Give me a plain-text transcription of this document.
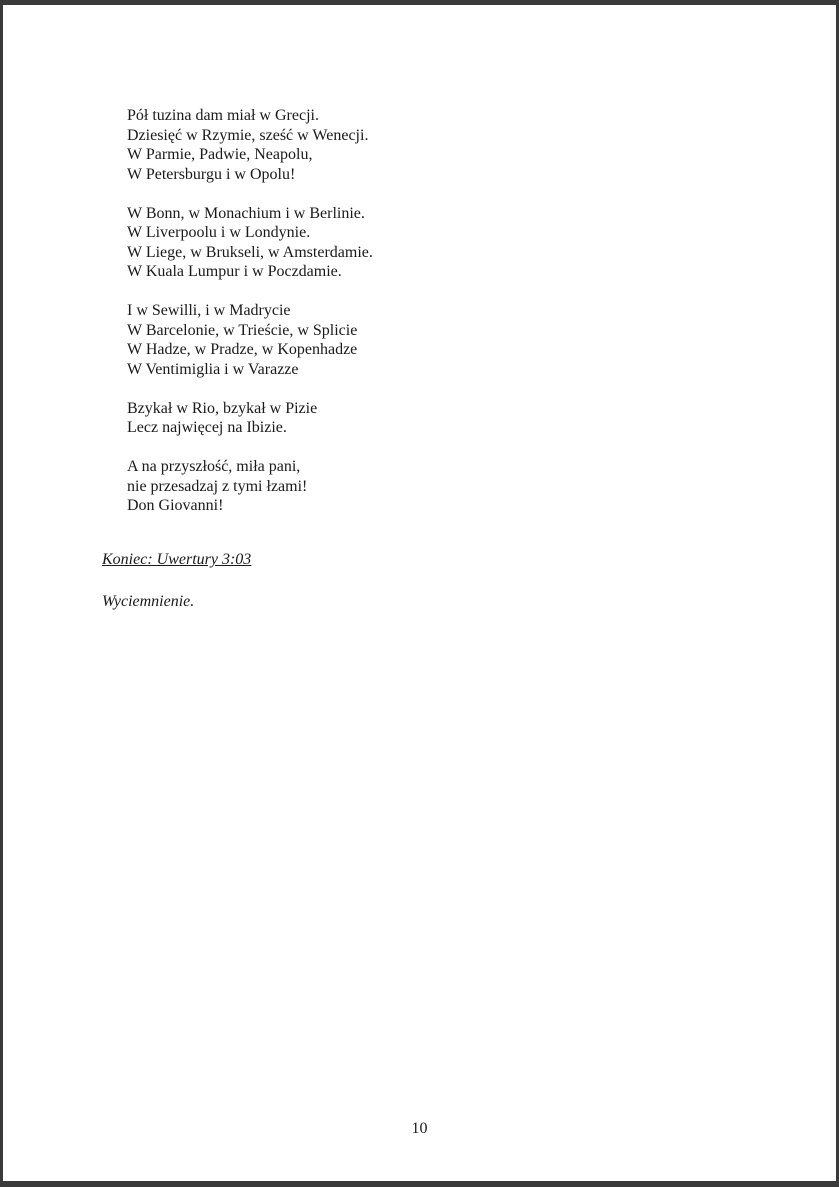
Pół tuzina dam miał w Grecji.
Dziesięć w Rzymie, sześć w Wenecji.
W Parmie, Padwie, Neapolu,
W Petersburgu i w Opolu!
W Bonn, w Monachium i w Berlinie.
W Liverpoolu i w Londynie.
W Liege, w Brukseli, w Amsterdamie.
W Kuala Lumpur i w Poczdamie.
I w Sewilli, i w Madrycie
W Barcelonie, w Trieście, w Splicie
W Hadze, w Pradze, w Kopenhadze
W Ventimiglia i w Varazze
Bzykał w Rio, bzykał w Pizie
Lecz najwięcej na Ibizie.
A na przyszłość, miła pani,
nie przesadzaj z tymi łzami!
Don Giovanni!
Koniec: Uwertury 3:03
Wyciemnienie.
10
